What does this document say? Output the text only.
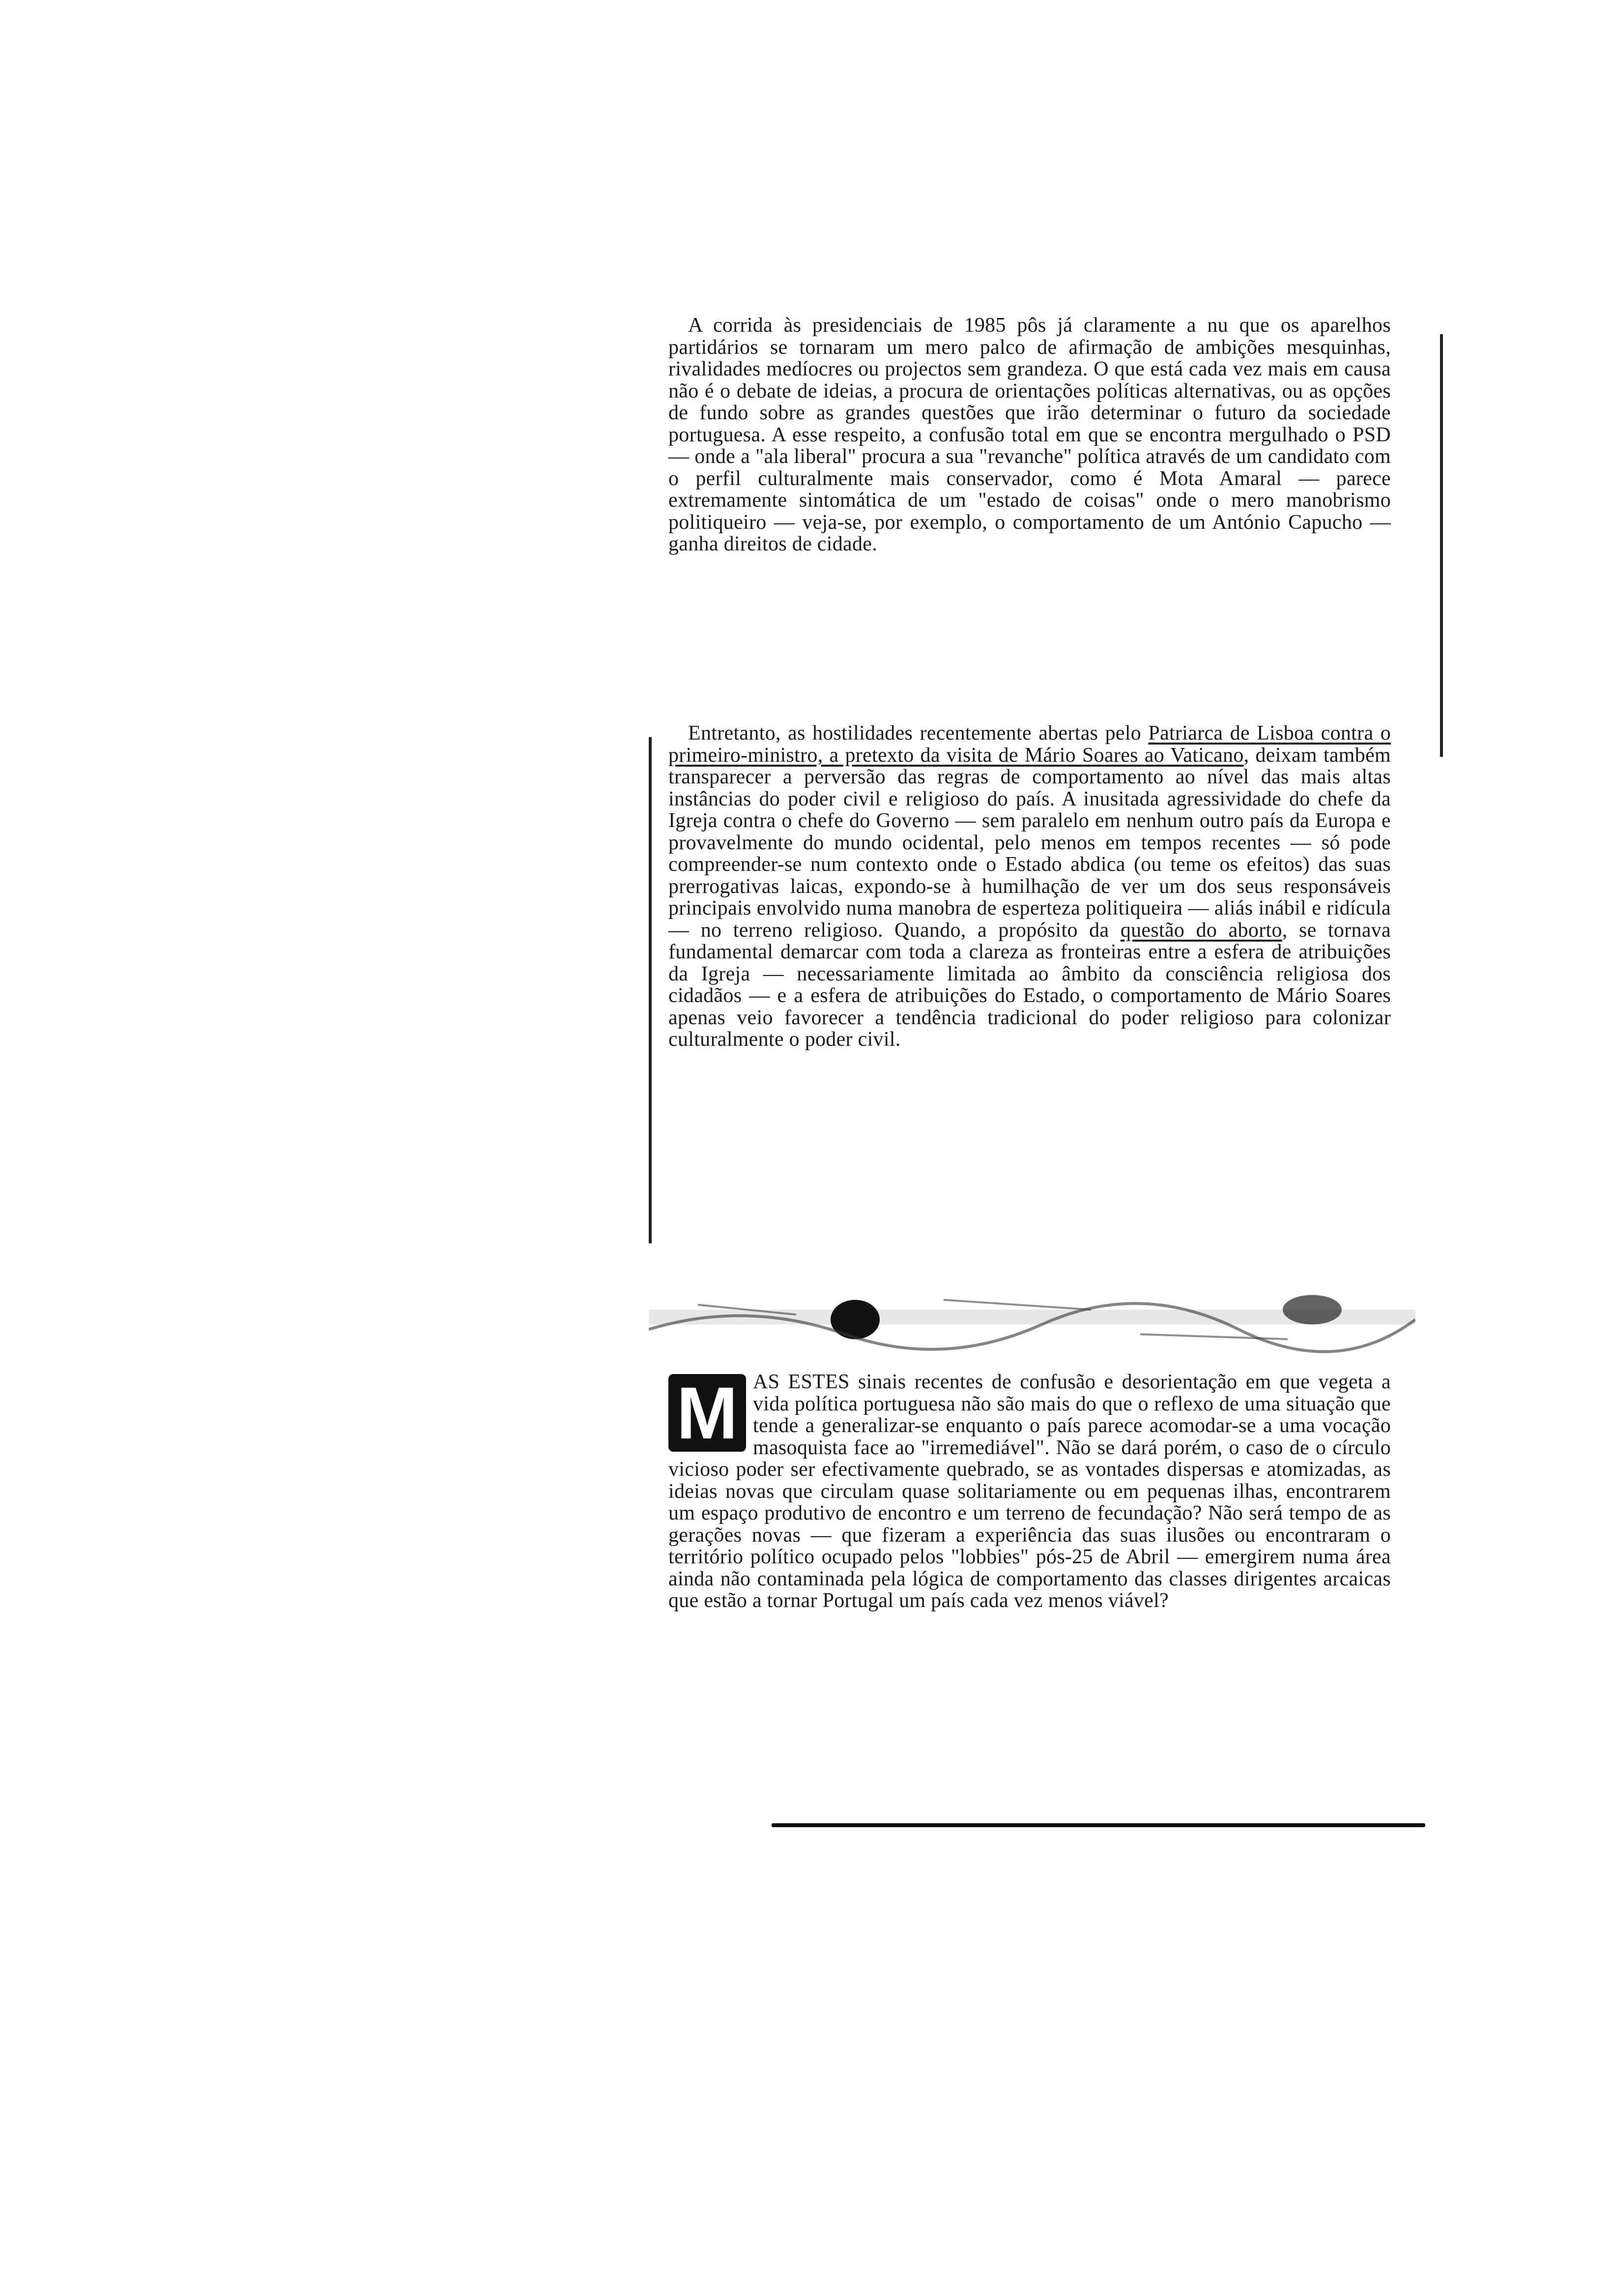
A corrida às presidenciais de 1985 pôs já claramente a nu que os aparelhos partidários se tornaram um mero palco de afirmação de ambições mesquinhas, rivalidades medíocres ou projectos sem grandeza. O que está cada vez mais em causa não é o debate de ideias, a procura de orientações políticas alternativas, ou as opções de fundo sobre as grandes questões que irão determinar o futuro da sociedade portuguesa. A esse respeito, a confusão total em que se encontra mergulhado o PSD — onde a "ala liberal" procura a sua "revanche" política através de um candidato com o perfil culturalmente mais conservador, como é Mota Amaral — parece extremamente sintomática de um "estado de coisas" onde o mero manobrismo politiqueiro — veja-se, por exemplo, o comportamento de um António Capucho — ganha direitos de cidade.

Entretanto, as hostilidades recentemente abertas pelo Patriarca de Lisboa contra o primeiro-ministro, a pretexto da visita de Mário Soares ao Vaticano, deixam também transparecer a perversão das regras de comportamento ao nível das mais altas instâncias do poder civil e religioso do país. A inusitada agressividade do chefe da Igreja contra o chefe do Governo — sem paralelo em nenhum outro país da Europa e provavelmente do mundo ocidental, pelo menos em tempos recentes — só pode compreender-se num contexto onde o Estado abdica (ou teme os efeitos) das suas prerrogativas laicas, expondo-se à humilhação de ver um dos seus responsáveis principais envolvido numa manobra de esperteza politiqueira — aliás inábil e ridícula — no terreno religioso. Quando, a propósito da questão do aborto, se tornava fundamental demarcar com toda a clareza as fronteiras entre a esfera de atribuições da Igreja — necessariamente limitada ao âmbito da consciência religiosa dos cidadãos — e a esfera de atribuições do Estado, o comportamento de Mário Soares apenas veio favorecer a tendência tradicional do poder religioso para colonizar culturalmente o poder civil.

M AS ESTES sinais recentes de confusão e desorientação em que vegeta a vida política portuguesa não são mais do que o reflexo de uma situação que tende a generalizar-se enquanto o país parece acomodar-se a uma vocação masoquista face ao "irremediável". Não se dará porém, o caso de o círculo vicioso poder ser efectivamente quebrado, se as vontades dispersas e atomizadas, as ideias novas que circulam quase solitariamente ou em pequenas ilhas, encontrarem um espaço produtivo de encontro e um terreno de fecundação? Não será tempo de as gerações novas — que fizeram a experiência das suas ilusões ou encontraram o território político ocupado pelos "lobbies" pós-25 de Abril — emergirem numa área ainda não contaminada pela lógica de comportamento das classes dirigentes arcaicas que estão a tornar Portugal um país cada vez menos viável?
